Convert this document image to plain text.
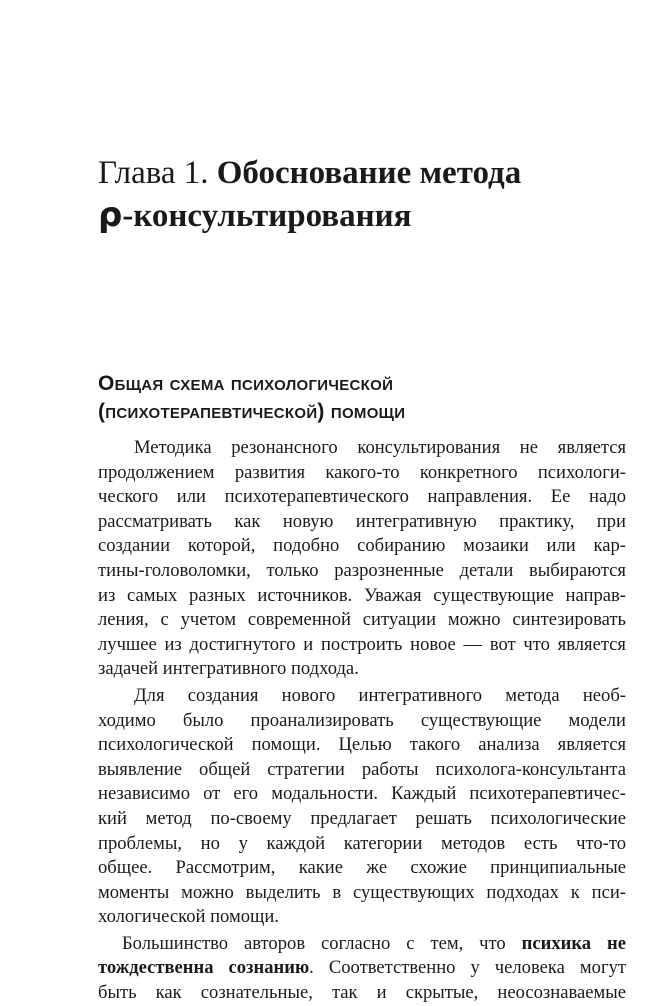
Глава 1. Обоснование метода
ρ-консультирования
Общая схема психологической
(психотерапевтической) помощи
Методика резонансного консультирования не является
продолжением развития какого-то конкретного психологи-
ческого или психотерапевтического направления. Ее надо
рассматривать как новую интегративную практику, при
создании которой, подобно собиранию мозаики или кар-
тины-головоломки, только разрозненные детали выбираются
из самых разных источников. Уважая существующие направ-
ления, с учетом современной ситуации можно синтезировать
лучшее из достигнутого и построить новое — вот что является
задачей интегративного подхода.
Для создания нового интегративного метода необ-
ходимо было проанализировать существующие модели
психологической помощи. Целью такого анализа является
выявление общей стратегии работы психолога-консультанта
независимо от его модальности. Каждый психотерапевтичес-
кий метод по-своему предлагает решать психологические
проблемы, но у каждой категории методов есть что-то
общее. Рассмотрим, какие же схожие принципиальные
моменты можно выделить в существующих подходах к пси-
хологической помощи.
Большинство авторов согласно с тем, что психика не
тождественна сознанию. Соответственно у человека могут
быть как сознательные, так и скрытые, неосознаваемые
